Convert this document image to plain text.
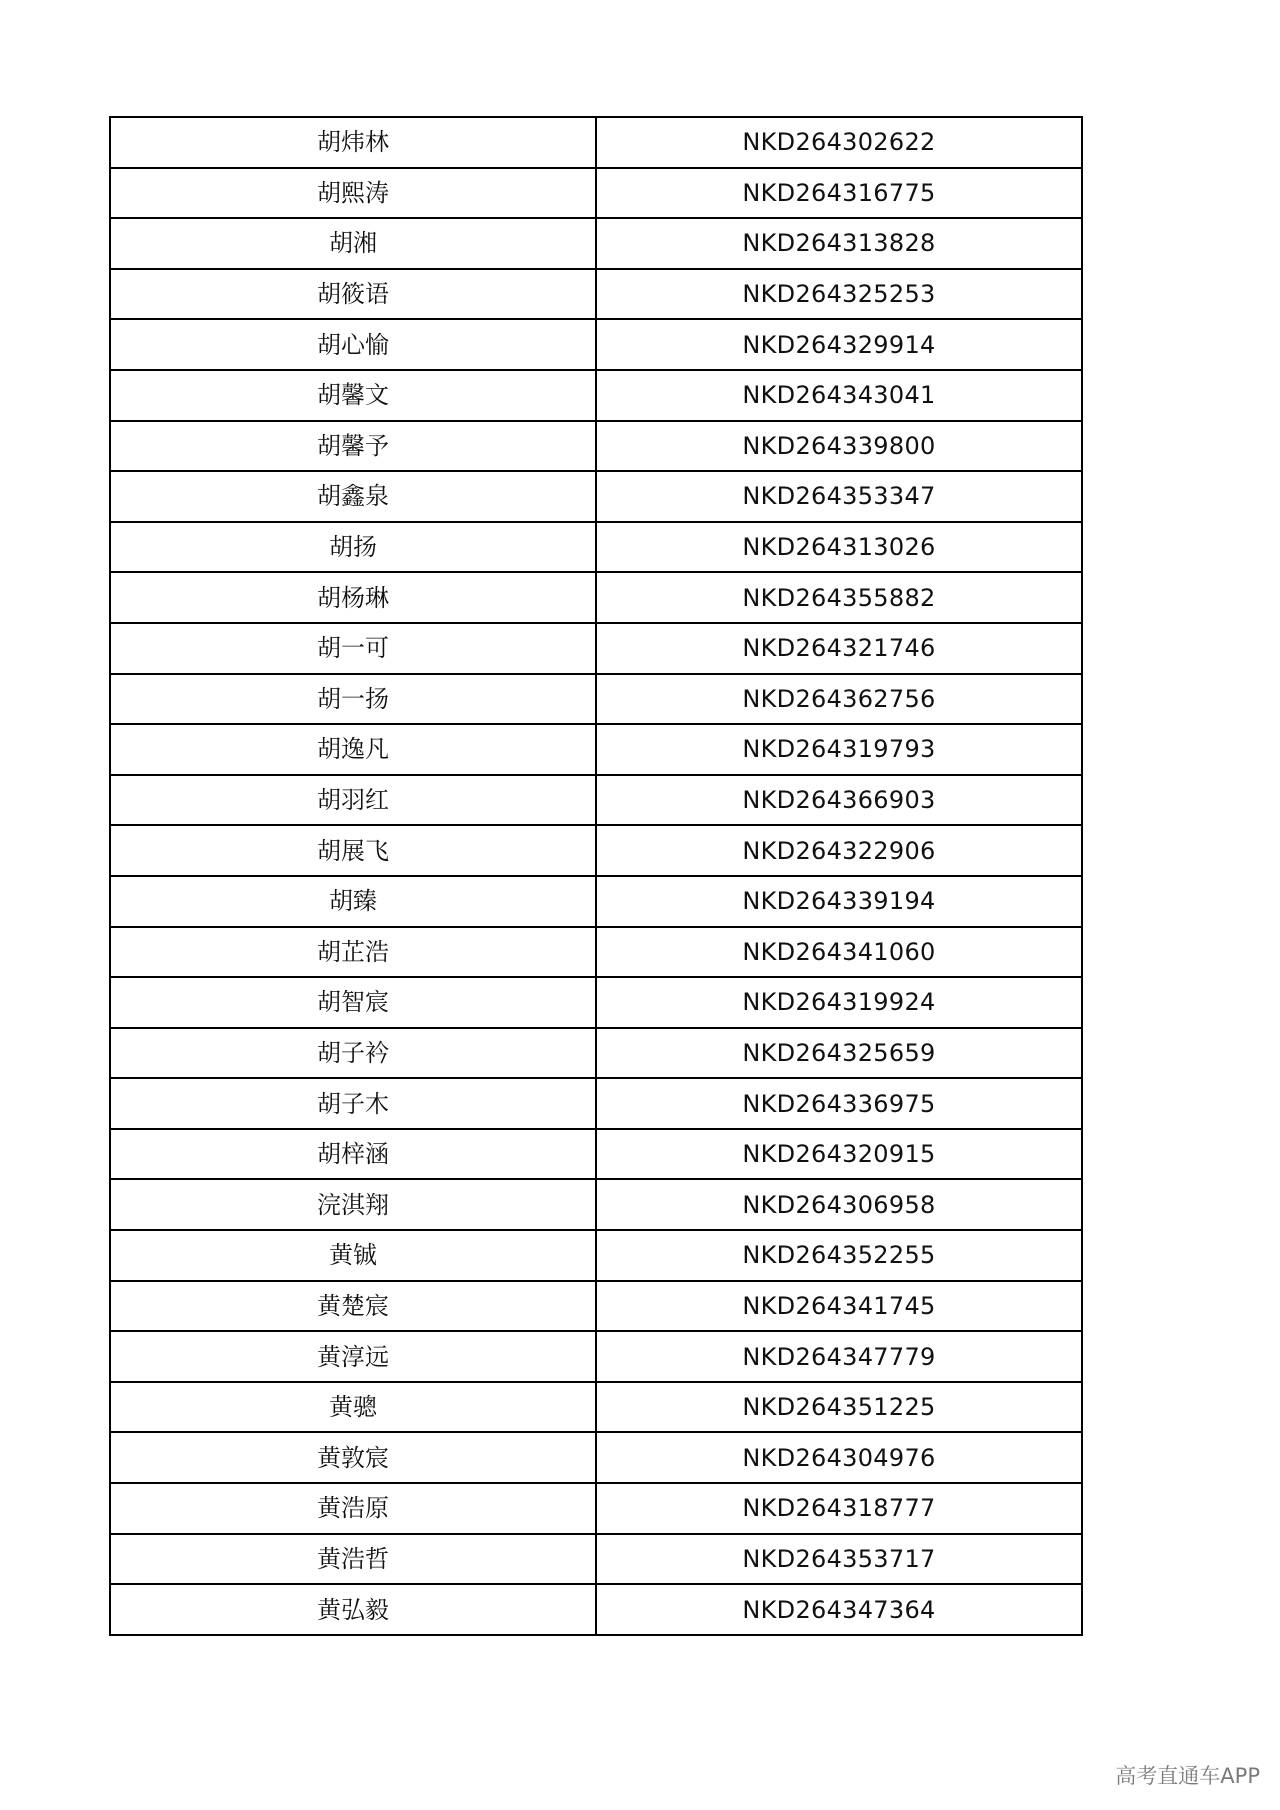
胡炜林	NKD264302622
胡熙涛	NKD264316775
胡湘	NKD264313828
胡筱语	NKD264325253
胡心愉	NKD264329914
胡馨文	NKD264343041
胡馨予	NKD264339800
胡鑫泉	NKD264353347
胡扬	NKD264313026
胡杨琳	NKD264355882
胡一可	NKD264321746
胡一扬	NKD264362756
胡逸凡	NKD264319793
胡羽红	NKD264366903
胡展飞	NKD264322906
胡臻	NKD264339194
胡芷浩	NKD264341060
胡智宸	NKD264319924
胡子衿	NKD264325659
胡子木	NKD264336975
胡梓涵	NKD264320915
浣淇翔	NKD264306958
黄铖	NKD264352255
黄楚宸	NKD264341745
黄淳远	NKD264347779
黄骢	NKD264351225
黄敦宸	NKD264304976
黄浩原	NKD264318777
黄浩哲	NKD264353717
黄弘毅	NKD264347364
高考直通车APP
